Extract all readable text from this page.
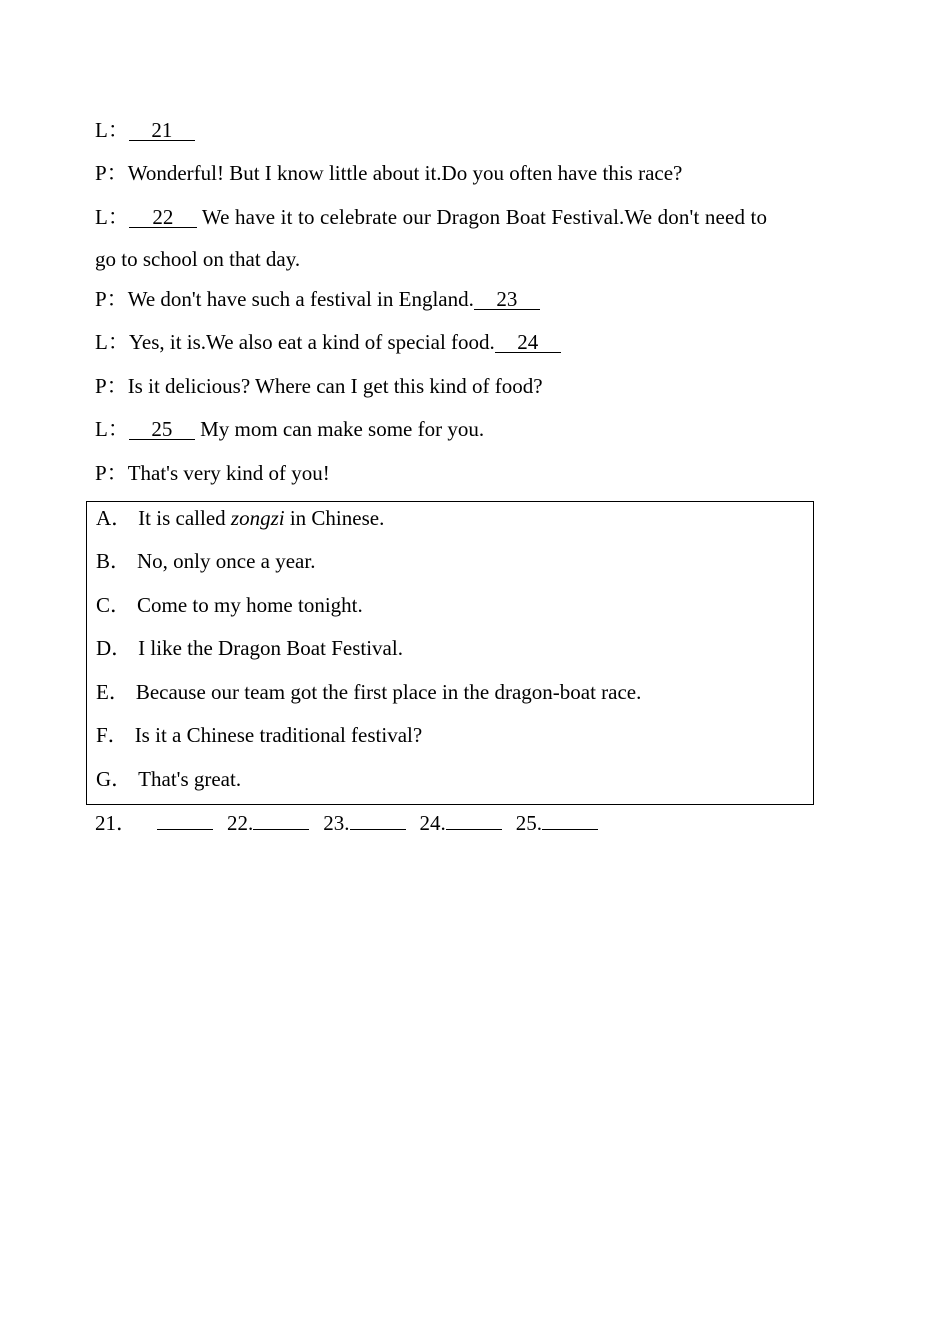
L： 21
P：Wonderful! But I know little about it.Do you often have this race?
L： 22 We have it to celebrate our Dragon Boat Festival.We don't need to
go to school on that day.
P：We don't have such a festival in England. 23
L：Yes, it is.We also eat a kind of special food. 24
P：Is it delicious? Where can I get this kind of food?
L： 25 My mom can make some for you.
P：That's very kind of you!
A． It is called zongzi in Chinese.
B． No, only once a year.
C． Come to my home tonight.
D． I like the Dragon Boat Festival.
E． Because our team got the first place in the dragon-boat race.
F． Is it a Chinese traditional festival?
G． That's great.
21．	22.	23.	24.	25.
